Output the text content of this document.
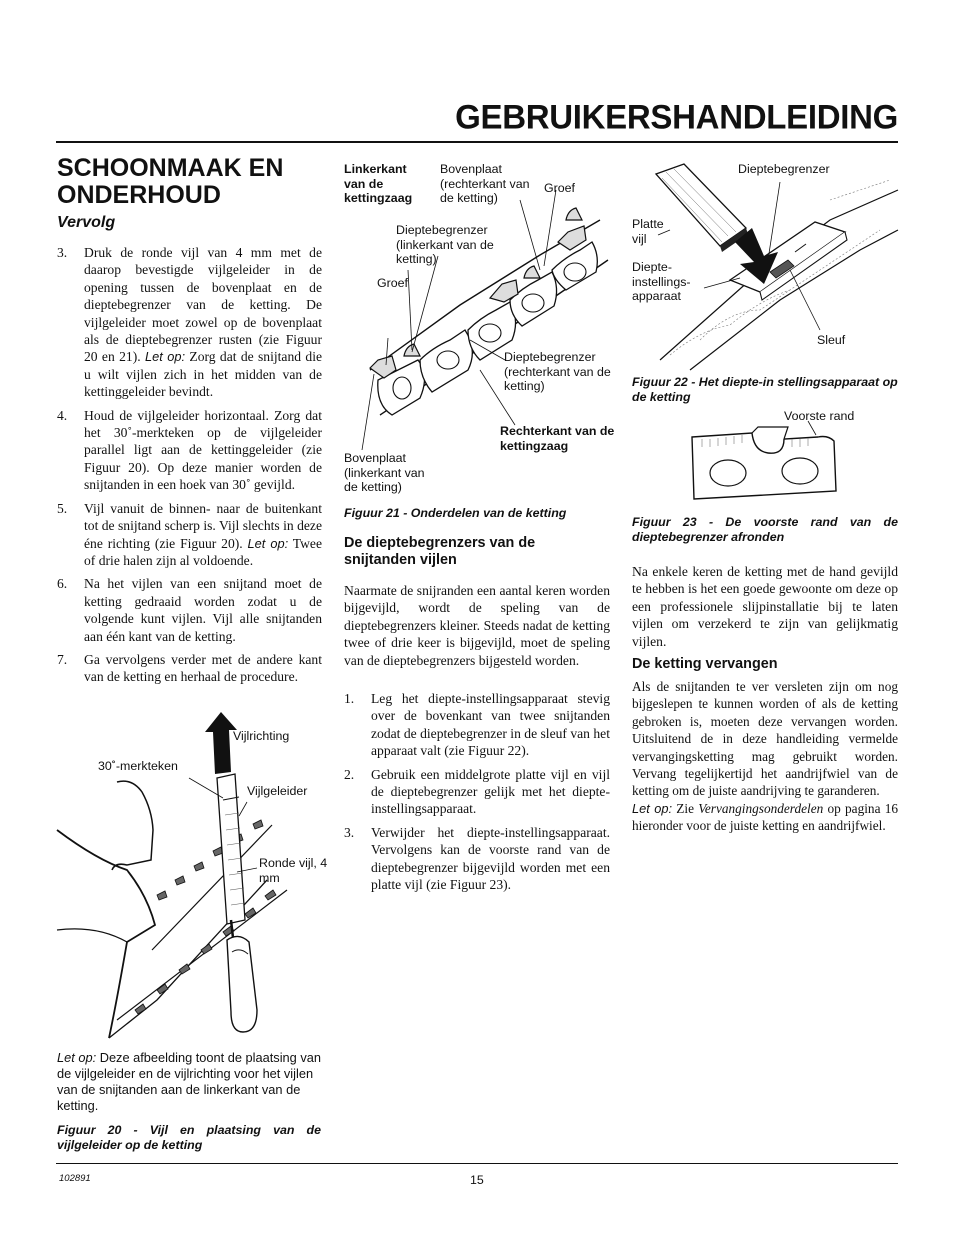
GEBRUIKERSHANDLEIDING
SCHOONMAAK EN ONDERHOUD
Vervolg
3. Druk de ronde vijl van 4 mm met de daarop bevestigde vijlgeleider in de opening tussen de bovenplaat en de dieptebegrenzer van de ketting. De vijlgeleider moet zowel op de bovenplaat als de dieptebegrenzer rusten (zie Figuur 20 en 21). Let op: Zorg dat de snijtand die u wilt vijlen zich in het midden van de kettinggeleider bevindt.
4. Houd de vijlgeleider horizontaal. Zorg dat het 30˚-merkteken op de vijlgeleider parallel ligt aan de kettinggeleider (zie Figuur 20). Op deze manier worden de snijtanden in een hoek van 30˚ gevijld.
5. Vijl vanuit de binnen- naar de buitenkant tot de snijtand scherp is. Vijl slechts in deze éne richting (zie Figuur 20). Let op: Twee of drie halen zijn al voldoende.
6. Na het vijlen van een snijtand moet de ketting gedraaid worden zodat u de volgende kunt vijlen. Vijl alle snijtanden aan één kant van de ketting.
7. Ga vervolgens verder met de andere kant van de ketting en herhaal de procedure.
Vijlrichting
30˚-merkteken
Vijlgeleider
Ronde vijl, 4 mm
Let op: Deze afbeelding toont de plaatsing van de vijlgeleider en de vijlrichting voor het vijlen van de snijtanden aan de linkerkant van de ketting.
Figuur 20 - Vijl en plaatsing van de vijlgeleider op de ketting
Linkerkant van de kettingzaag
Bovenplaat (rechterkant van de ketting)
Groef
Dieptebegrenzer (linkerkant van de ketting)
Groef
Dieptebegrenzer (rechterkant van de ketting)
Rechterkant van de kettingzaag
Bovenplaat (linkerkant van de ketting)
Figuur 21 - Onderdelen van de ketting
De dieptebegrenzers van de snijtanden vijlen
Naarmate de snijranden een aantal keren worden bijgevijld, wordt de speling van de dieptebegrenzers kleiner. Steeds nadat de ketting twee of drie keer is bijgevijld, moet de speling van de dieptebegrenzers bijgesteld worden.
1. Leg het diepte-instellingsapparaat stevig over de bovenkant van twee snijtanden zodat de dieptebegrenzer in de sleuf van het apparaat valt (zie Figuur 22).
2. Gebruik een middelgrote platte vijl en vijl de dieptebegrenzer gelijk met het diepte-instellingsapparaat.
3. Verwijder het diepte-instellingsapparaat. Vervolgens kan de voorste rand van de dieptebegrenzer bijgevijld worden met een platte vijl (zie Figuur 23).
Dieptebegrenzer
Platte vijl
Diepte-instellings-apparaat
Sleuf
Figuur 22 - Het diepte-in stellingsapparaat op de ketting
Voorste rand
Figuur 23 - De voorste rand van de dieptebegrenzer afronden
Na enkele keren de ketting met de hand gevijld te hebben is het een goede gewoonte om deze op een professionele slijpinstallatie bij te laten vijlen om verzekerd te zijn van gelijkmatig vijlen.
De ketting vervangen
Als de snijtanden te ver versleten zijn om nog bijgeslepen te kunnen worden of als de ketting gebroken is, moeten deze vervangen worden. Uitsluitend de in deze handleiding vermelde vervangingsketting mag gebruikt worden. Vervang tegelijkertijd het aandrijfwiel van de ketting om de juiste aandrijving te garanderen.
Let op: Zie Vervangingsonderdelen op pagina 16 hieronder voor de juiste ketting en aandrijfwiel.
102891	15
